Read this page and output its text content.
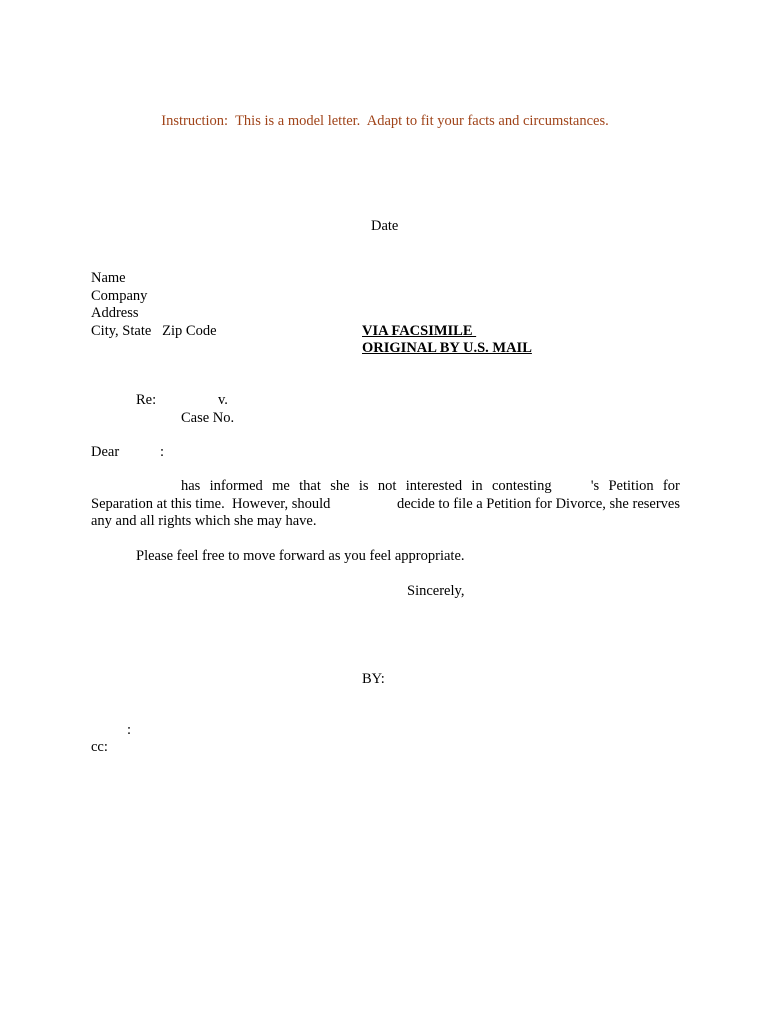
Instruction:  This is a model letter.  Adapt to fit your facts and circumstances.
Date
Name
Company
Address
City, State   Zip Code	VIA FACSIMILE
ORIGINAL BY U.S. MAIL
Re:	v.
Case No.
Dear	:
has informed me that she is not interested in contesting	's Petition for
Separation at this time.  However, should	decide to file a Petition for Divorce, she reserves
any and all rights which she may have.
Please feel free to move forward as you feel appropriate.
Sincerely,
BY:
:
cc:
